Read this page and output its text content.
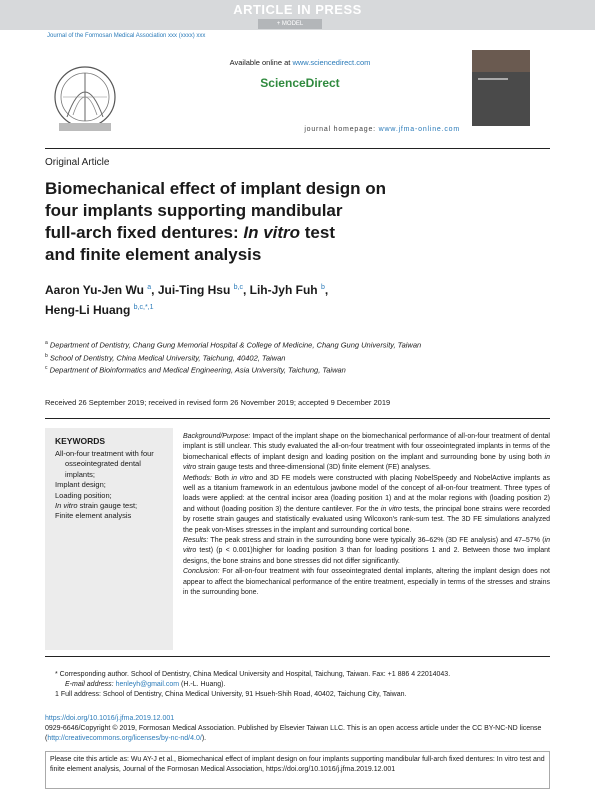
ARTICLE IN PRESS
+ MODEL
Journal of the Formosan Medical Association xxx (xxxx) xxx
Available online at www.sciencedirect.com
ScienceDirect
journal homepage: www.jfma-online.com
Original Article
Biomechanical effect of implant design on
four implants supporting mandibular
full-arch fixed dentures: In vitro test
and finite element analysis
Aaron Yu-Jen Wu $^a$, Jui-Ting Hsu $^{b,c}$, Lih-Jyh Fuh $^b$,
Heng-Li Huang $^{b,c,*,1}$
$^a$ Department of Dentistry, Chang Gung Memorial Hospital & College of Medicine, Chang Gung University, Taiwan
$^b$ School of Dentistry, China Medical University, Taichung, 40402, Taiwan
$^c$ Department of Bioinformatics and Medical Engineering, Asia University, Taichung, Taiwan
Received 26 September 2019; received in revised form 26 November 2019; accepted 9 December 2019
KEYWORDS
All-on-four treatment with four osseointegrated dental implants;
Implant design;
Loading position;
In vitro strain gauge test;
Finite element analysis

Background/Purpose: Impact of the implant shape on the biomechanical performance of all-on-four treatment of dental implant is still unclear. This study evaluated the all-on-four treatment with four osseointegrated implants in terms of the biomechanical effects of implant design and loading position on the implant and surrounding bone by using both in vitro strain gauge tests and three-dimensional (3D) finite element (FE) analyses.

Methods: Both in vitro and 3D FE models were constructed with placing NobelSpeedy and NobelActive implants as well as a titanium framework in an edentulous jawbone model of the concept of all-on-four treatment. Three types of loads were applied: at the central incisor area (loading position 1) and at the molar regions with (loading position 2) and without (loading position 3) the denture cantilever. For the in vitro tests, the principal bone strains were recorded by rosette strain gauges and statistically evaluated using Wilcoxon's rank-sum test. The 3D FE simulations analyzed the peak von-Mises stresses in the implant and surrounding cortical bone.

Results: The peak stress and strain in the surrounding bone were typically 36–62% (3D FE analysis) and 47–57% (in vitro test) (p < 0.001)higher for loading position 3 than for loading positions 1 and 2. Between those two implant designs, the bone strains and bone stresses did not differ significantly.

Conclusion: For all-on-four treatment with four osseointegrated dental implants, altering the implant design does not appear to affect the biomechanical performance of the entire treatment, especially in terms of the stresses and strains in the surrounding bone.

* Corresponding author. School of Dentistry, China Medical University and Hospital, Taichung, Taiwan. Fax: +1 886 4 22014043.
E-mail address: henleyh@gmail.com (H.-L. Huang).
1 Full address: School of Dentistry, China Medical University, 91 Hsueh-Shih Road, 40402, Taichung City, Taiwan.
https://doi.org/10.1016/j.jfma.2019.12.001
0929-6646/Copyright © 2019, Formosan Medical Association. Published by Elsevier Taiwan LLC. This is an open access article under the CC BY-NC-ND license (http://creativecommons.org/licenses/by-nc-nd/4.0/).
Please cite this article as: Wu AY-J et al., Biomechanical effect of implant design on four implants supporting mandibular full-arch fixed dentures: In vitro test and finite element analysis, Journal of the Formosan Medical Association, https://doi.org/10.1016/j.jfma.2019.12.001
